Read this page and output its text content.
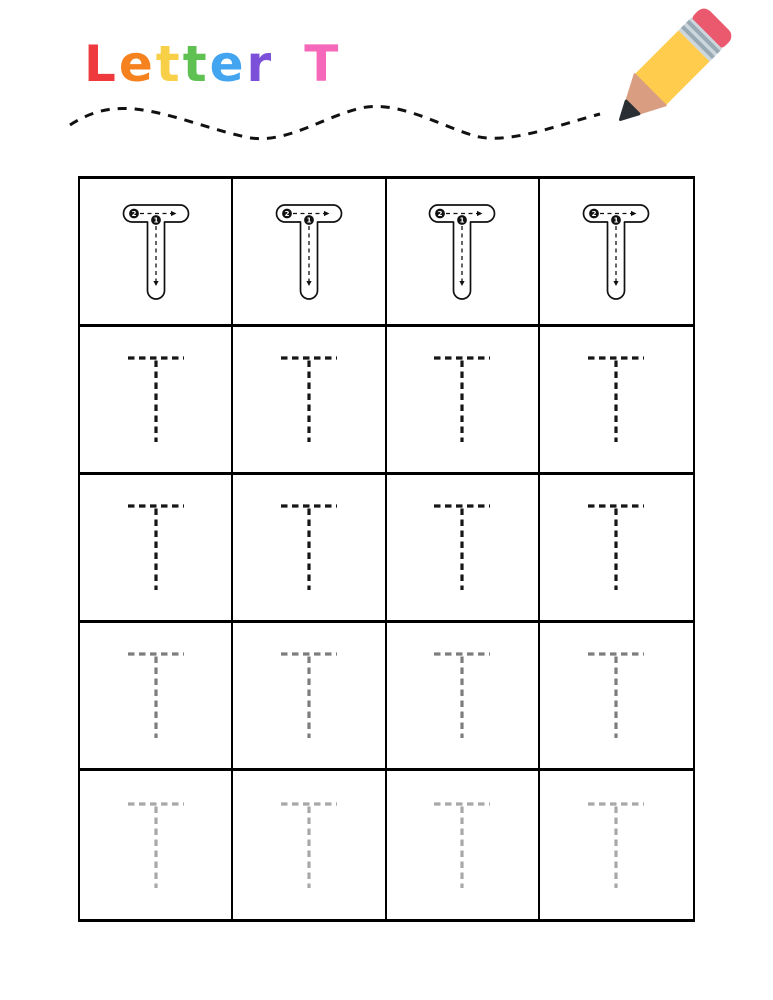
Letter T
1
2
1
2
1
2
1
2
